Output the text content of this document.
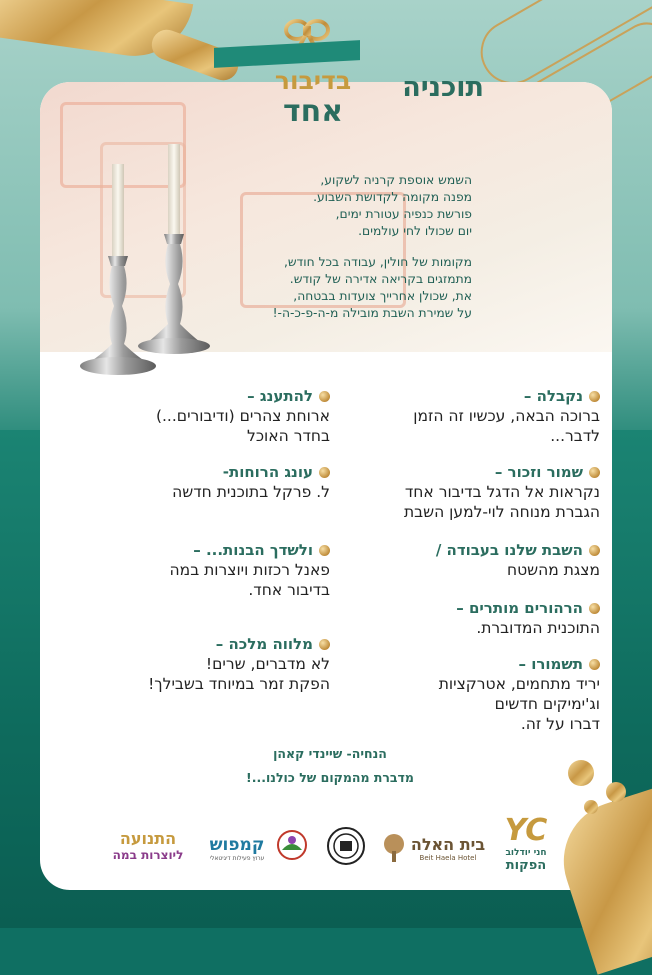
תוכניה
בדיבור
אחד

השמש אוספת קרניה לשקוע,

מפנה מקומה לקדושת השבוע.

פורשת כנפיה עטורת ימים,

יום שכולו לחי עולמים.

מקומות של חולין, עבודה בכל חודש,

מתמזגים בקריאה אדירה של קודש.

את, שכולן אחרייך צועדות בבטחה,

על שמירת השבת מובילה מ-ה-פ-כ-ה-!

נקבלה –
ברוכה הבאה, עכשיו זה הזמן
לדבר...
שמור וזכור –
נקראות אל הדגל בדיבור אחד
הגברת מנוחה לוי-למען השבת
השבת שלנו בעבודה /
מצגת מהשטח
הרהורים מותרים –
התוכנית המדוברת.
תשמורו –
יריד מתחמים, אטרקציות
וג'ימיקים חדשים
דברו על זה.
להתענג –
ארוחת צהרים (ודיבורים...)
בחדר האוכל
עונג הרוחות-
ל. פרקל בתוכנית חדשה
ולשדך הבנות... –
פאנל רכזות ויוצרות במה
בדיבור אחד.
מלווה מלכה –
לא מדברים, שרים!
הפקת זמר במיוחד בשבילך!
הנחיה- שיינדי קאהן
מדברת מהמקום של כולנו...!
התנועה
ליוצרות במה קמפוש
ערוץ פעילות דיגיטאלי
בית האלה
Beit Haela Hotel
YC
חני יודלוב
הפקות
